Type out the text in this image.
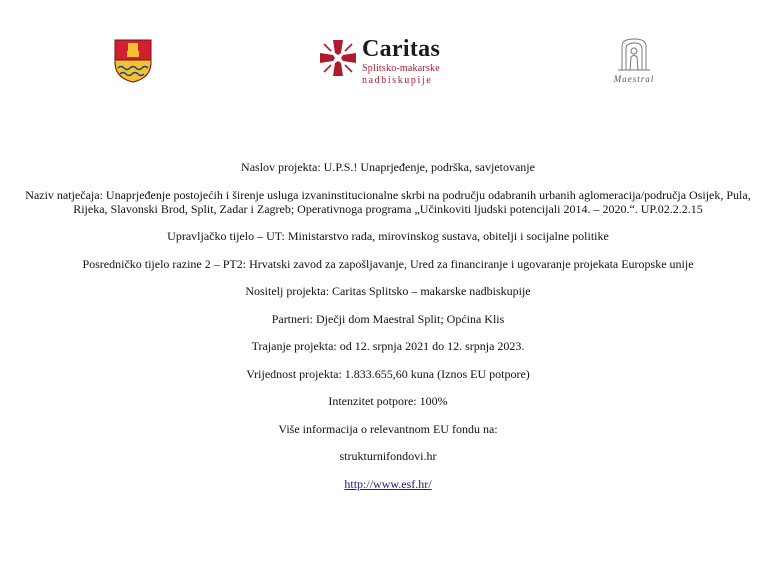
Caritas
Splitsko-makarske
nadbiskupije	Maestral

Naslov projekta: U.P.S.! Unaprjeđenje, podrška, savjetovanje

Naziv natječaja: Unaprjeđenje postojećih i širenje usluga izvaninstitucionalne skrbi na području odabranih urbanih aglomeracija/područja Osijek, Pula, Rijeka, Slavonski Brod, Split, Zadar i Zagreb; Operativnoga programa „Učinkoviti ljudski potencijali 2014. – 2020.“. UP.02.2.2.15

Upravljačko tijelo – UT: Ministarstvo rada, mirovinskog sustava, obitelji i socijalne politike

Posredničko tijelo razine 2 – PT2: Hrvatski zavod za zapošljavanje, Ured za financiranje i ugovaranje projekata Europske unije

Nositelj projekta: Caritas Splitsko – makarske nadbiskupije

Partneri: Dječji dom Maestral Split; Općina Klis

Trajanje projekta: od 12. srpnja 2021 do 12. srpnja 2023.

Vrijednost projekta: 1.833.655,60 kuna (Iznos EU potpore)

Intenzitet potpore: 100%

Više informacija o relevantnom EU fondu na:

strukturnifondovi.hr

http://www.esf.hr/
